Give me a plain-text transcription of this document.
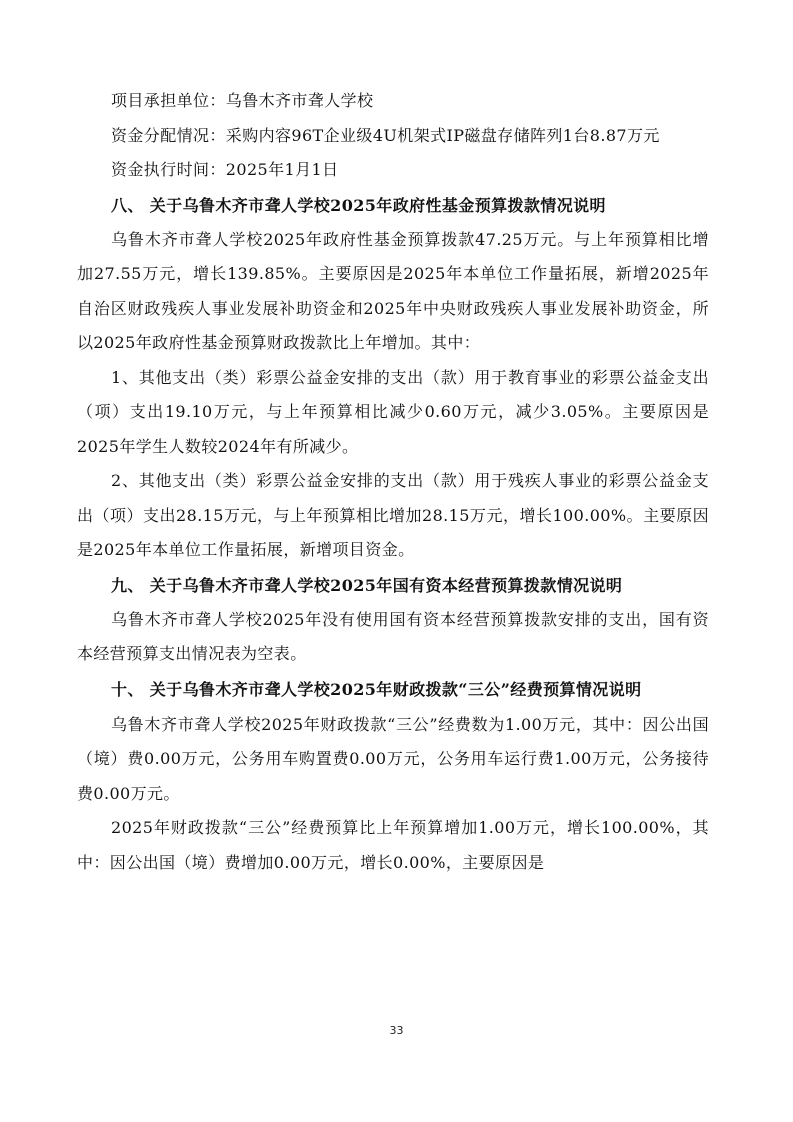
项目承担单位：乌鲁木齐市聋人学校

资金分配情况：采购内容96T企业级4U机架式IP磁盘存储阵列1台8.87万元

资金执行时间：2025年1月1日

八、 关于乌鲁木齐市聋人学校2025年政府性基金预算拨款情况说明

乌鲁木齐市聋人学校2025年政府性基金预算拨款47.25万元。与上年预算相比增加27.55万元，增长139.85%。主要原因是2025年本单位工作量拓展，新增2025年自治区财政残疾人事业发展补助资金和2025年中央财政残疾人事业发展补助资金，所以2025年政府性基金预算财政拨款比上年增加。其中：

1、其他支出（类）彩票公益金安排的支出（款）用于教育事业的彩票公益金支出（项）支出19.10万元，与上年预算相比减少0.60万元，减少3.05%。主要原因是2025年学生人数较2024年有所减少。

2、其他支出（类）彩票公益金安排的支出（款）用于残疾人事业的彩票公益金支出（项）支出28.15万元，与上年预算相比增加28.15万元，增长100.00%。主要原因是2025年本单位工作量拓展，新增项目资金。

九、 关于乌鲁木齐市聋人学校2025年国有资本经营预算拨款情况说明

乌鲁木齐市聋人学校2025年没有使用国有资本经营预算拨款安排的支出，国有资本经营预算支出情况表为空表。

十、 关于乌鲁木齐市聋人学校2025年财政拨款“三公”经费预算情况说明

乌鲁木齐市聋人学校2025年财政拨款“三公”经费数为1.00万元，其中：因公出国（境）费0.00万元，公务用车购置费0.00万元，公务用车运行费1.00万元，公务接待费0.00万元。

2025年财政拨款“三公”经费预算比上年预算增加1.00万元，增长100.00%，其中：因公出国（境）费增加0.00万元，增长0.00%，主要原因是

33
